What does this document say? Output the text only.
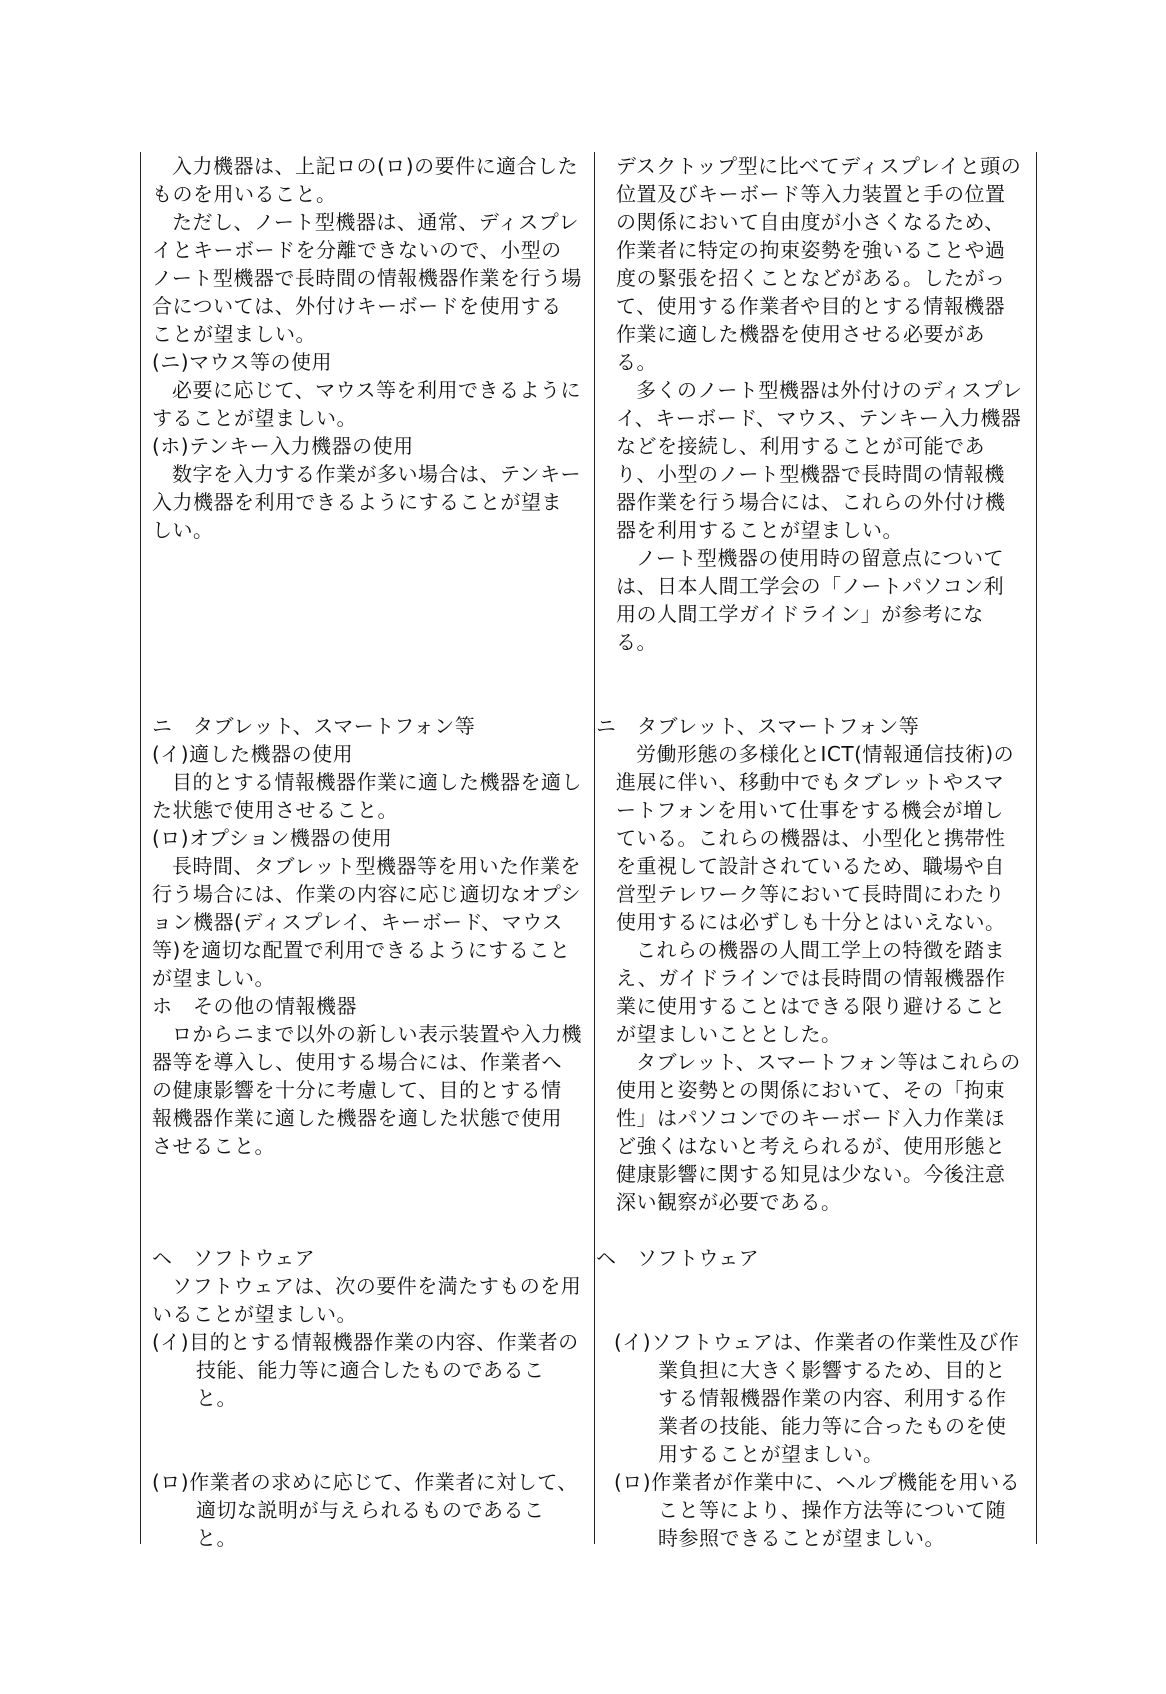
入力機器は、上記ロの(ロ)の要件に適合したものを用いること。

ただし、ノート型機器は、通常、ディスプレイとキーボードを分離できないので、小型のノート型機器で長時間の情報機器作業を行う場合については、外付けキーボードを使用することが望ましい。

(ニ)マウス等の使用

必要に応じて、マウス等を利用できるようにすることが望ましい。

(ホ)テンキー入力機器の使用

数字を入力する作業が多い場合は、テンキー入力機器を利用できるようにすることが望ましい。

ニ　タブレット、スマートフォン等

(イ)適した機器の使用

目的とする情報機器作業に適した機器を適した状態で使用させること。

(ロ)オプション機器の使用

長時間、タブレット型機器等を用いた作業を行う場合には、作業の内容に応じ適切なオプション機器(ディスプレイ、キーボード、マウス等)を適切な配置で利用できるようにすることが望ましい。

ホ　その他の情報機器

ロからニまで以外の新しい表示装置や入力機器等を導入し、使用する場合には、作業者への健康影響を十分に考慮して、目的とする情報機器作業に適した機器を適した状態で使用させること。

ヘ　ソフトウェア

ソフトウェアは、次の要件を満たすものを用いることが望ましい。

(イ)目的とする情報機器作業の内容、作業者の技能、能力等に適合したものであること。

(ロ)作業者の求めに応じて、作業者に対して、適切な説明が与えられるものであること。

デスクトップ型に比べてディスプレイと頭の位置及びキーボード等入力装置と手の位置の関係において自由度が小さくなるため、作業者に特定の拘束姿勢を強いることや過度の緊張を招くことなどがある。したがって、使用する作業者や目的とする情報機器作業に適した機器を使用させる必要がある。

多くのノート型機器は外付けのディスプレイ、キーボード、マウス、テンキー入力機器などを接続し、利用することが可能であり、小型のノート型機器で長時間の情報機器作業を行う場合には、これらの外付け機器を利用することが望ましい。

ノート型機器の使用時の留意点については、日本人間工学会の「ノートパソコン利用の人間工学ガイドライン」が参考になる。

ニ　タブレット、スマートフォン等

労働形態の多様化とICT(情報通信技術)の進展に伴い、移動中でもタブレットやスマートフォンを用いて仕事をする機会が増している。これらの機器は、小型化と携帯性を重視して設計されているため、職場や自営型テレワーク等において長時間にわたり使用するには必ずしも十分とはいえない。

これらの機器の人間工学上の特徴を踏まえ、ガイドラインでは長時間の情報機器作業に使用することはできる限り避けることが望ましいこととした。

タブレット、スマートフォン等はこれらの使用と姿勢との関係において、その「拘束性」はパソコンでのキーボード入力作業ほど強くはないと考えられるが、使用形態と健康影響に関する知見は少ない。今後注意深い観察が必要である。

ヘ　ソフトウェア

(イ)ソフトウェアは、作業者の作業性及び作業負担に大きく影響するため、目的とする情報機器作業の内容、利用する作業者の技能、能力等に合ったものを使用することが望ましい。

(ロ)作業者が作業中に、ヘルプ機能を用いること等により、操作方法等について随時参照できることが望ましい。
